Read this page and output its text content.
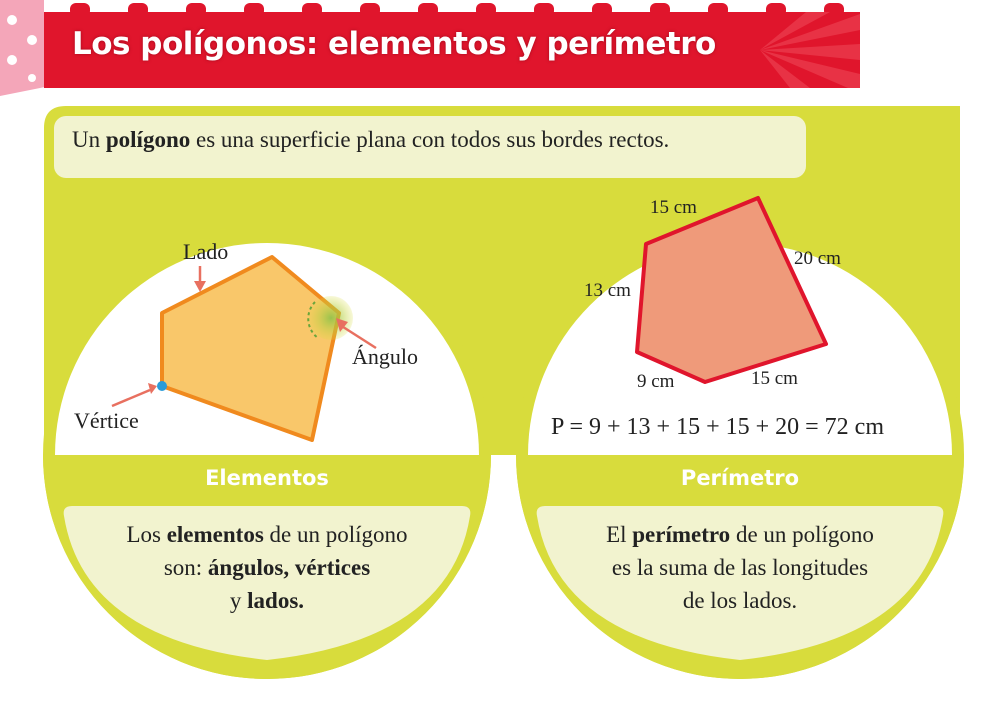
Los polígonos: elementos y perímetro
Un polígono es una superficie plana con todos sus bordes rectos.
Lado
Ángulo
Vértice
15 cm
20 cm
13 cm
9 cm	15 cm
P = 9 + 13 + 15 + 15 + 20 = 72 cm
Elementos	Perímetro
Los elementos de un polígono
son: ángulos, vértices
y lados.
El perímetro de un polígono
es la suma de las longitudes
de los lados.
